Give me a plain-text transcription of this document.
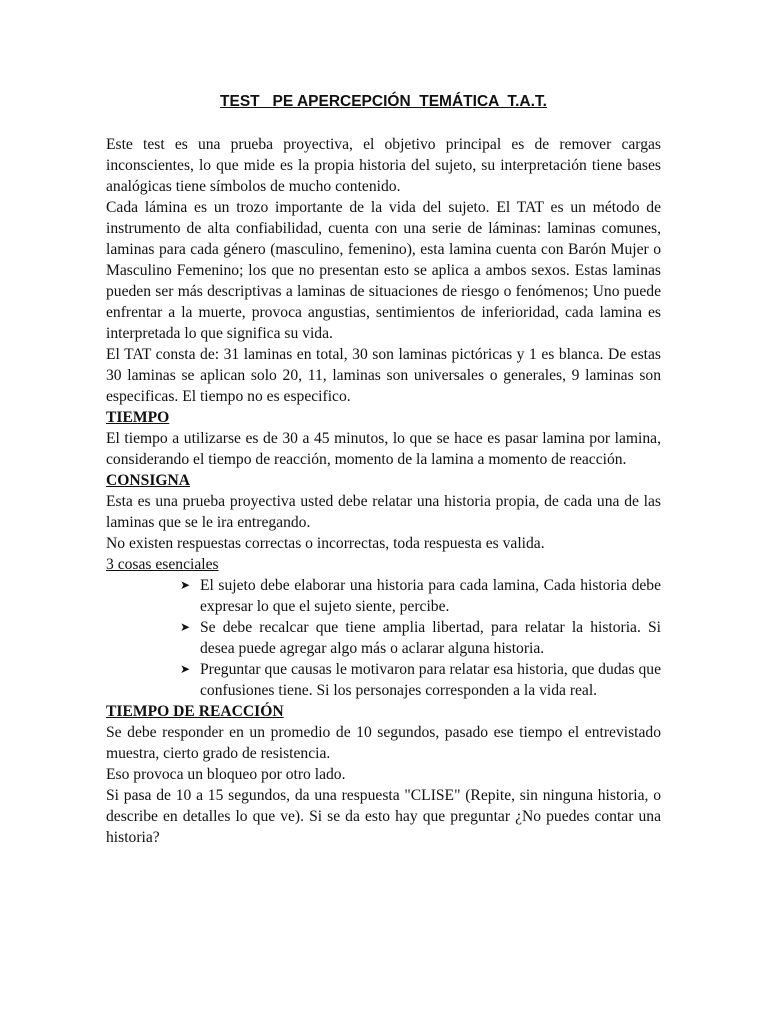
TEST   PE APERCEPCIÓN  TEMÁTICA  T.A.T.

Este test es una prueba proyectiva, el objetivo principal es de remover cargas inconscientes, lo que mide es la propia historia del sujeto, su interpretación tiene bases analógicas tiene símbolos de mucho contenido.

Cada lámina es un trozo importante de la vida del sujeto. El TAT es un método de instrumento de alta confiabilidad, cuenta con una serie de láminas: laminas comunes, laminas para cada género (masculino, femenino), esta lamina cuenta con Barón Mujer o Masculino Femenino; los que no presentan esto se aplica a ambos sexos. Estas laminas pueden ser más descriptivas a laminas de situaciones de riesgo o fenómenos; Uno puede enfrentar a la muerte, provoca angustias, sentimientos de inferioridad, cada lamina es interpretada lo que significa su vida.

El TAT consta de: 31 laminas en total, 30 son laminas pictóricas y 1 es blanca. De estas 30 laminas se aplican solo 20, 11, laminas son universales o generales, 9 laminas son especificas. El tiempo no es especifico.

TIEMPO

El tiempo a utilizarse es de 30 a 45 minutos, lo que se hace es pasar lamina por lamina, considerando el tiempo de reacción, momento de la lamina a momento de reacción.

CONSIGNA

Esta es una prueba proyectiva usted debe relatar una historia propia, de cada una de las laminas que se le ira entregando.

No existen respuestas correctas o incorrectas, toda respuesta es valida.

3 cosas esenciales
➤ El sujeto debe elaborar una historia para cada lamina, Cada historia debe expresar lo que el sujeto siente, percibe.
➤ Se debe recalcar que tiene amplia libertad, para relatar la historia. Si desea puede agregar algo más o aclarar alguna historia.
➤ Preguntar que causas le motivaron para relatar esa historia, que dudas que confusiones tiene. Si los personajes corresponden a la vida real.
TIEMPO DE REACCIÓN

Se debe responder en un promedio de 10 segundos, pasado ese tiempo el entrevistado muestra, cierto grado de resistencia.

Eso provoca un bloqueo por otro lado.

Si pasa de 10 a 15 segundos, da una respuesta "CLISE" (Repite, sin ninguna historia, o describe en detalles lo que ve). Si se da esto hay que preguntar ¿No puedes contar una historia?
